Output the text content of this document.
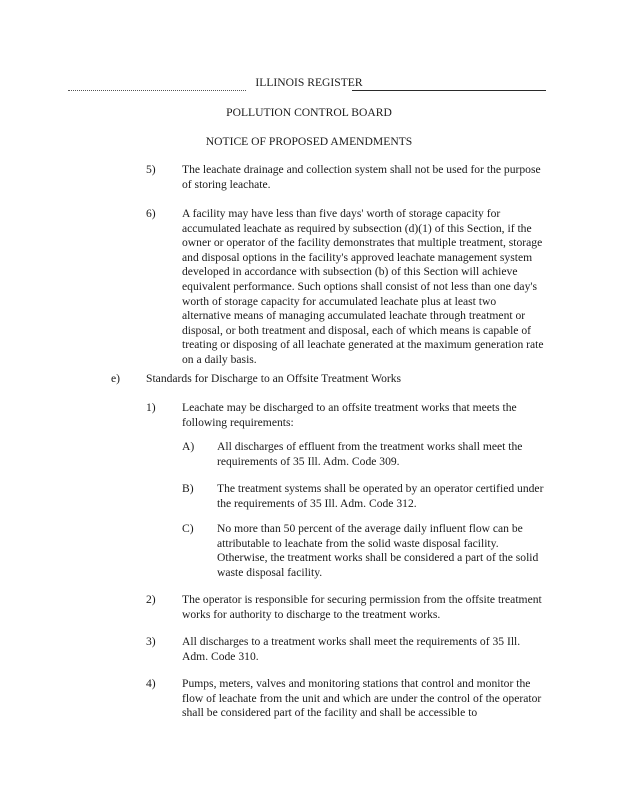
ILLINOIS REGISTER
POLLUTION CONTROL BOARD
NOTICE OF PROPOSED AMENDMENTS
5) The leachate drainage and collection system shall not be used for the purpose of storing leachate.
6) A facility may have less than five days' worth of storage capacity for accumulated leachate as required by subsection (d)(1) of this Section, if the owner or operator of the facility demonstrates that multiple treatment, storage and disposal options in the facility's approved leachate management system developed in accordance with subsection (b) of this Section will achieve equivalent performance. Such options shall consist of not less than one day's worth of storage capacity for accumulated leachate plus at least two alternative means of managing accumulated leachate through treatment or disposal, or both treatment and disposal, each of which means is capable of treating or disposing of all leachate generated at the maximum generation rate on a daily basis.
e) Standards for Discharge to an Offsite Treatment Works
1) Leachate may be discharged to an offsite treatment works that meets the following requirements:
A) All discharges of effluent from the treatment works shall meet the requirements of 35 Ill. Adm. Code 309.
B) The treatment systems shall be operated by an operator certified under the requirements of 35 Ill. Adm. Code 312.
C) No more than 50 percent of the average daily influent flow can be attributable to leachate from the solid waste disposal facility. Otherwise, the treatment works shall be considered a part of the solid waste disposal facility.
2) The operator is responsible for securing permission from the offsite treatment works for authority to discharge to the treatment works.
3) All discharges to a treatment works shall meet the requirements of 35 Ill. Adm. Code 310.
4) Pumps, meters, valves and monitoring stations that control and monitor the flow of leachate from the unit and which are under the control of the operator shall be considered part of the facility and shall be accessible to
